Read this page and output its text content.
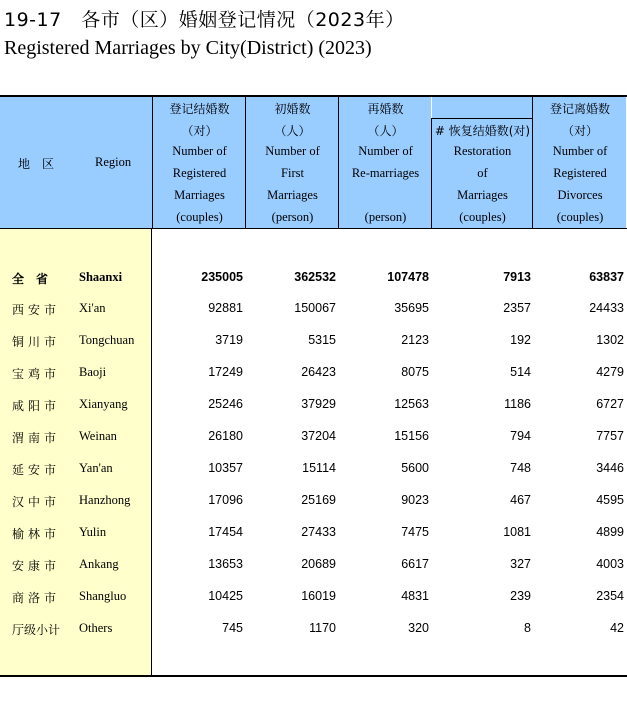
19-17　各市（区）婚姻登记情况（2023年）
Registered Marriages by City(District) (2023)
地　区	Region
登记结婚数
（对）
Number of
Registered
Marriages
(couples)
初婚数
（人）
Number of
First
Marriages
(person)
再婚数
（人）
Number of
Re-marriages
(person)
# 恢复结婚数(对)
Restoration
of
Marriages
(couples)
登记离婚数
（对）
Number of
Registered
Divorces
(couples)
全　省 Shaanxi	235005	362532	107478	7913	63837
西安市 Xi'an	92881	150067	35695	2357	24433
铜川市 Tongchuan	3719	5315	2123	192	1302
宝鸡市 Baoji	17249	26423	8075	514	4279
咸阳市 Xianyang	25246	37929	12563	1186	6727
渭南市 Weinan	26180	37204	15156	794	7757
延安市 Yan'an	10357	15114	5600	748	3446
汉中市 Hanzhong	17096	25169	9023	467	4595
榆林市 Yulin	17454	27433	7475	1081	4899
安康市 Ankang	13653	20689	6617	327	4003
商洛市 Shangluo	10425	16019	4831	239	2354
厅级小计 Others	745	1170	320	8	42
